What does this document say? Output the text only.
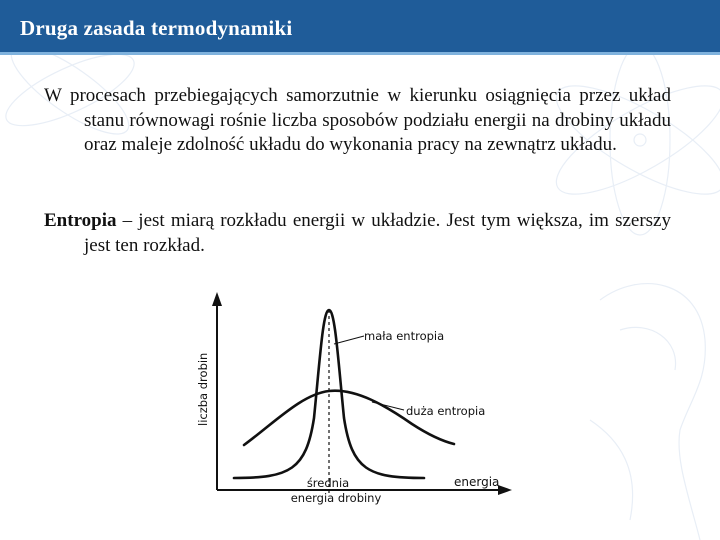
Druga zasada termodynamiki
W procesach przebiegających samorzutnie w kierunku osiągnięcia przez układ stanu równowagi rośnie liczba sposobów podziału energii na drobiny układu oraz maleje zdolność układu do wykonania pracy na zewnątrz układu.
Entropia – jest miarą rozkładu energii w układzie. Jest tym większa, im szerszy jest ten rozkład.
liczba drobin
energia
mała entropia
duża entropia
średnia
energia drobiny
